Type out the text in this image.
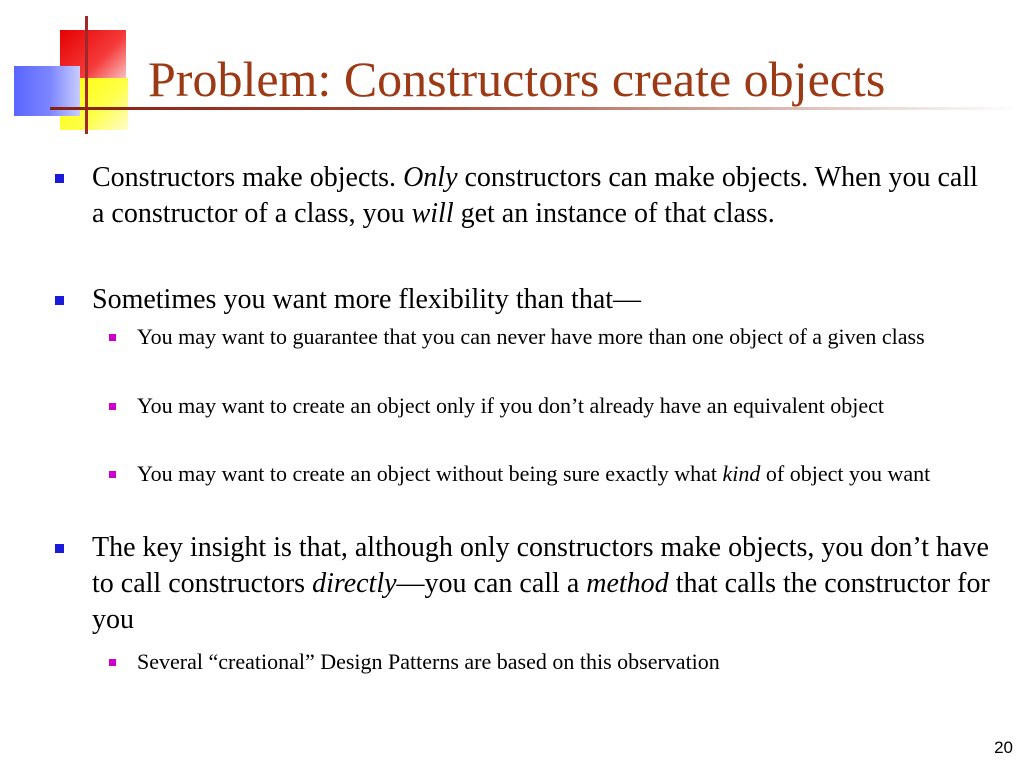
Problem: Constructors create objects
Constructors make objects. Only constructors can make objects. When you call a constructor of a class, you will get an instance of that class.
Sometimes you want more flexibility than that—
You may want to guarantee that you can never have more than one object of a given class
You may want to create an object only if you don’t already have an equivalent object
You may want to create an object without being sure exactly what kind of object you want
The key insight is that, although only constructors make objects, you don’t have to call constructors directly—you can call a method that calls the constructor for you
Several “creational” Design Patterns are based on this observation
20
